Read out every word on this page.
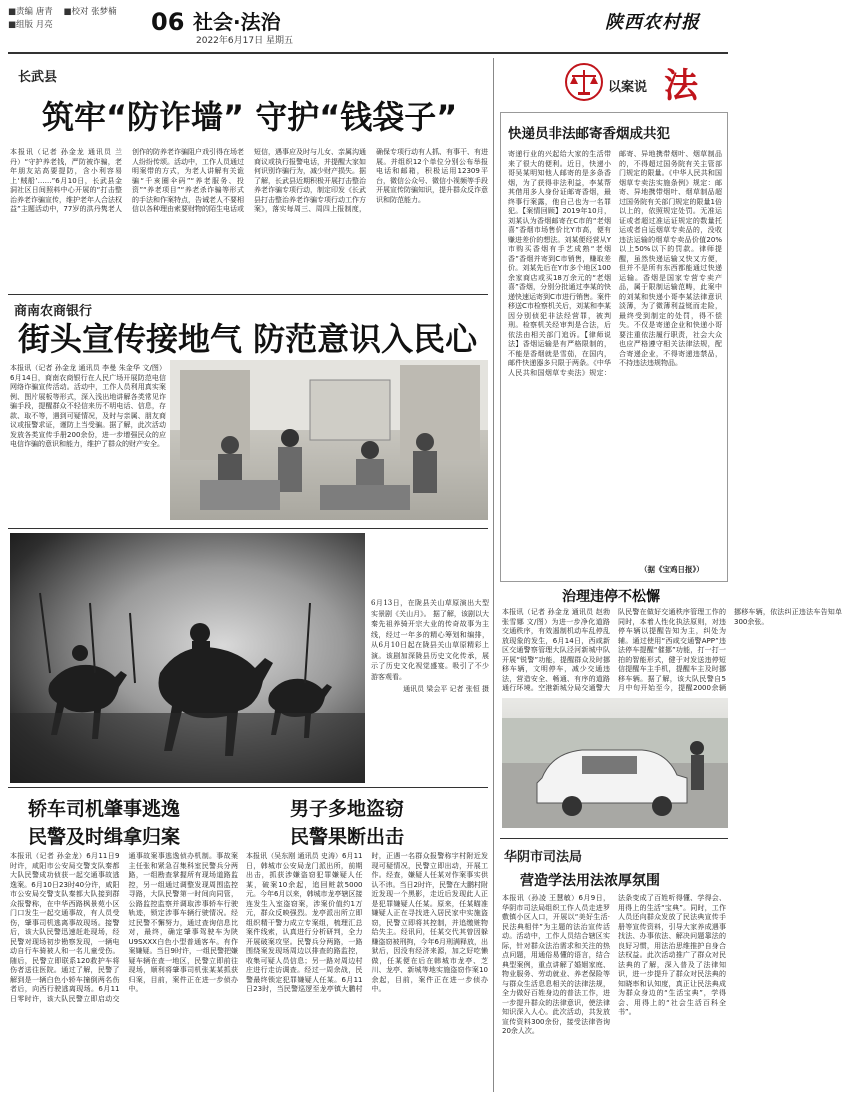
■责编 唐青 ■校对 张梦楠
■组版 月亮	06 社会·法治
2022年6月17日 星期五
陕西农村报
长武县
筑牢“防诈墙” 守护“钱袋子”
本报讯（记者 孙金龙 通讯员 兰丹）“守护养老钱，严防被诈骗，老年朋友站高要提防，含小利容易上‘贼船’……”6月10日，长武县金洞社区日间照料中心开展的“打击整治养老诈骗宣传，维护老年人合法权益”主题活动中，77岁的洪丹隽老人创作的防养老诈骗阻户戏引得在场老人纷纷传颂。活动中，工作人员通过明案带的方式，为老人讲解有关诡骗“千亥圈伞码”“养老服务、投资”“养老项目”“养老杀诈骗等形式的手法和作案特点，告诫老人不要相信以各种理由索要财物的陌生电话或短信，遇事应及时与儿女、亲属沟通商议或执行报警电话，并提醒大家如何识别诈骗行为，减少财产损失。据了解，长武县近期积极开展打击整治养老诈骗专项行动，制定印发《长武县打击整治养老诈骗专项行动工作方案》，落实每周三、周四上报制度，确保专项行动有人抓、有事干、有进展。并组织12个单位分别公布举报电话和邮箱，积极运用12309平台，微信公众号、微信小视频等手段开展宣传防骗知识，提升群众反诈意识和防范能力。
商南农商银行
街头宣传接地气 防范意识入民心
本报讯（记者 孙金龙 通讯员 李曼 朱金华 文/图）6月14日，商南农商银行在人民广场开展防范电信网络诈骗宣传活动。活动中，工作人员利用真实案例、图片展板等形式，深入浅出地讲解各类常见诈骗手段，提醒群众不轻信来历不明电话、信息，存款、取不等，遇到可疑情况，及时与亲属、朋友商议或报警求证，谨防上当受骗。据了解，此次活动发放各类宣传手册200余份，进一步增强民众的应电信诈骗的意识和能力，维护了群众的财产安全。
6月13日，在陇县关山草原演出大型实景剧《关山月》。 据了解，该剧以大秦先祖养骑开宗大业的传奇故事为主线，经过一年多的精心筹划和编排，从6月10日起在陇县关山草原精彩上演。该剧加深陇县历史文化传承，展示了历史文化视觉盛宴。吸引了不少游客观看。

通讯员 梁会平 记者 张恒 摄
轿车司机肇事逃逸
民警及时缉拿归案
本报讯（记者 孙金龙）6月11日9时许，咸阳市公安局交警支队秦都大队民警成功侦获一起交通事故逃逸案。6月10日23时40分许，咸阳市公安局交警支队秦都大队接到群众报警称，在中华西路枫景苑小区门口发生一起交通事故，有人员受伤，肇事司机逃离事故现场。接警后，该大队民警迅速赶赴现场，经民警对现场初步勘察发现，一辆电动自行车骑被人和一名儿童受伤。随后，民警立即联系120救护车将伤者送往医院。通过了解，民警了解到是一辆白色小轿车撞倒两名伤者后，向西行驶逃离现场。6月11日零时许，该大队民警立即启动交通事故案事逃逸侦办机制。事故案主任张和紧急召集科室民警兵分两路，一组勘查掌握所有现场道路监控，另一组通过调整发现周围监控寻路，大队民警第一时间向同管，公路监控监察并调取涉事轿车行驶轨迹，锁定涉事车辆行驶情况。经过民警不懈努力，通过查询信息比对，最终，确定肇事驾驶车为陕U9SXXX白色小型普通客车。有作案嫌疑。当日9时许，一组民警把嫌疑车辆在查一地区，民警立即前往现场，顺利将肇事司机张某某抓获归案，目前，案件正在进一步侦办中。
男子多地盗窃
民警果断出击
本报讯（吴东刚 通讯员 史涛）6月11日，韩城市公安局龙门派出所，前期出击，抓获涉嫌盗窃犯罪嫌疑人任某，破案10余起，追回赃款5000元。今年6月以来，韩城市龙亭辖区接连发生入室盗窃案，涉案价值约1万元，群众反映强烈。龙亭派出所立即组织精干警力成立专案组，梳理汇总案件线索，认真进行分析研判，全力开展破案攻坚。民警兵分两路，一路围绕案发现场周边以排查的路监控，收集可疑人员信息；另一路对周边村庄进行走访调查。经过一周余战，民警最终锁定犯罪嫌疑人任某。6月11日23时，当民警巡逻至龙亭镇大鹏村时，正遇一名群众报警称宇村附近发现可疑情况，民警立即出动，开展工作。经查，嫌疑人任某对作案事实供认不讳。当日2时许，民警在大鹏村附近发现一个黑影，走近后发现此人正是犯罪嫌疑人任某。原来，任某瞄准嫌疑人正在寻找进入居民家中实施盗窃，民警立即将其控制，并追缴赃物给失主。经讯问，任某交代其曾因躲赚盗窃被刑拘，今年6月刑满释放，出狱后，因没有经济来源，加之好吃懒做，任某便在后在韩城市龙亭、芝川、龙亭、新城等地实施盗窃作案10余起，目前，案件正在进一步侦办中。
以案说 法
快递员非法邮寄香烟成共犯
寄递行业的兴起给大家的生活带来了很大的便利。近日，快递小哥吴某明知他人邮寄的是多条香烟，为了获得非法利益，李某帮其借用多人身份证邮寄香烟，最终事行案露，他自己也为一名罪犯。【案情回顾】2019年10月，刘某认为香烟邮寄在C市的“老烟喜”香烟市场售价比Y市高，便有赚进差价的想法。刘某便经营从Y市购买香烟有手艺成熟“老烟香”香烟并寄到C市销售，赚取差价。刘某先后在Y市多个地区100余家商店或买18万余元的“老烟喜”香烟，分别分批通过李某的快递快速运寄到C市进行销售。案件移送C市检察机关后，刘某和李某因分别侦犯非法经营罪，被判刑。检察机关经审判是合法，后依法由相关部门追诉。【律师说法】香烟运输是有严格限制的，不能是香烟就是雪茄，在国内，邮件快递器多只限于两条。《中华人民共和国烟草专卖法》规定：邮寄、异地携带烟叶、烟草制品的，不得超过国务院有关主管部门规定的限量。《中华人民共和国烟草专卖法实施条例》规定：邮寄、异地携带烟叶、烟草制品超过国务院有关部门规定的限量1倍以上的，依照规定处罚。无准运证或者超过准运证规定的数量托运或者自运烟草专卖品的，没收违法运输的烟草专卖品价值20%以上50%以下的罚款。律师提醒，虽然快递运输又快又方便，但并不是所有东西都能通过快递运输。香烟是国家专营专卖产品，属于限制运输范畴，此案中的刘某和快递小哥李某法律意识淡薄，为了微薄利益铤而走险，最终受到制定的处罚，得不偿失。不仅是寄递企业和快递小哥要注重依法履行职责，社会大众也应严格遵守相关法律法规，配合寄递企业，不得寄递违禁品，不持违法违规物品。
（据《宝鸡日报》）
治理违停不松懈
本报讯（记者 孙金龙 通讯员 赵勃 张雪娜 文/图）为进一步净化道路交通秩序，有效遏制机动车乱停乱放现象的发生，6月14日，西咸新区交通警察管理大队泾河新城中队开展“锐警”功能，提醒群众及时挪移车辆，文明停车，减少交通违法，营造安全、畅通、有序的道路通行环境。空港新城分局交通警大队民警在做好交通秩序管理工作的同时，本着人性化执法原则，对违停车辆以提醒告知为主，纠处为辅。通过使用“西咸交通警APP”违法停车提醒“催挪”功能，打一打一拍的智能形式，健于对发送违停短信提醒车主手机，提醒车主及时挪移车辆。据了解，该大队民警自5月中旬开始至今，提醒2000余辆挪移车辆，依法纠正违法车告知单300余张。
华阴市司法局
营造学法用法浓厚氛围
本报讯（孙凌 王慧敏）6月9日，华阴市司法局组织工作人员走进罗敷镇小区人口，开展以“美好生活·民法典相伴”为主题的法治宣传活动。活动中，工作人员结合辖区实际，针对群众法治需求和关注的热点问题，用通俗易懂的语言，结合典型案例，重点讲解了婚姻家庭、物业服务、劳动就业、养老保险等与群众生活息息相关的法律法规，全力做好百姓身边的普法工作，进一步提升群众的法律意识，使法律知识深入人心。此次活动，共发放宣传资料300余份，接受法律咨询20余人次。
法条变成了百姓听得懂、学得会、用得上的生活“宝典”。同时，工作人员还向群众发放了民法典宣传手册等宣传资料，引导大家养成遇事找法、办事依法、解决问题靠法的良好习惯，用法治思维推护自身合法权益。此次活动推广了群众对民法典的了解，深入普及了法律知识，进一步提升了群众对民法典的知晓率和认知度，真正让民法典成为群众身边的“生活宝典”，学得会、用得上的“社会生活百科全书”。
